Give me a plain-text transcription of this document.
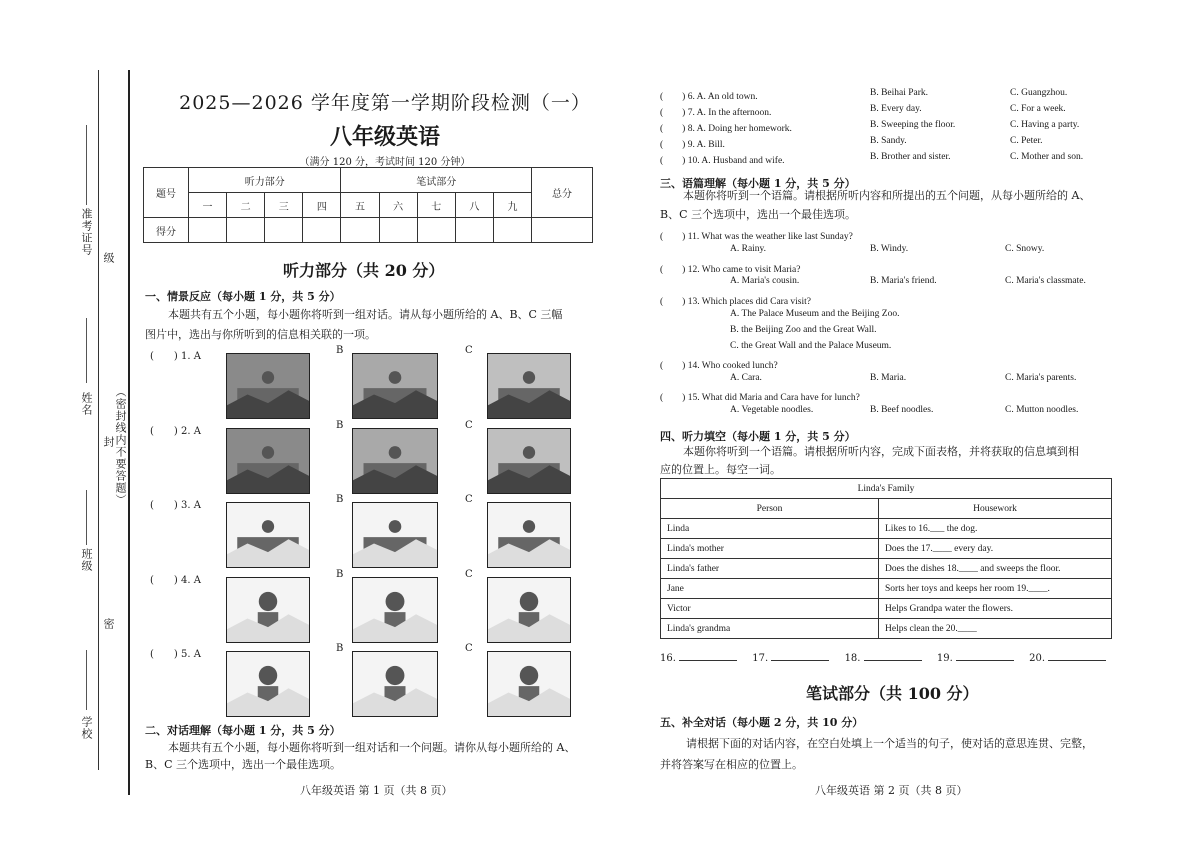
准考证号
级
姓名
封 （密封线内不要答题）
班级
密
学校
2025—2026 学年度第一学期阶段检测（一）
八年级英语
（满分 120 分，考试时间 120 分钟）
题号	听力部分				笔试部分					总分
	一	二	三	四	五	六	七	八	九	
得分										
听力部分（共 20 分）
一、情景反应（每小题 1 分，共 5 分）
本题共有五个小题，每小题你将听到一组对话。请从每小题所给的 A、B、C 三幅
图片中，选出与你所听到的信息相关联的一项。
(　　) 1. A
B	C
(　　) 2. A
B	C
(　　) 3. A
B	C
(　　) 4. A
B	C
(　　) 5. A
B	C
二、对话理解（每小题 1 分，共 5 分）
本题共有五个小题，每小题你将听到一组对话和一个问题。请你从每小题所给的 A、
B、C 三个选项中，选出一个最佳选项。
八年级英语 第 1 页（共 8 页）
(　　) 6. A. An old town.	B. Beihai Park.	C. Guangzhou.
(　　) 7. A. In the afternoon.	B. Every day.	C. For a week.
(　　) 8. A. Doing her homework.	B. Sweeping the floor.	C. Having a party.
(　　) 9. A. Bill.	B. Sandy.	C. Peter.
(　　) 10. A. Husband and wife.	B. Brother and sister.	C. Mother and son.
三、语篇理解（每小题 1 分，共 5 分）
本题你将听到一个语篇。请根据所听内容和所提出的五个问题，从每小题所给的 A、
B、C 三个选项中，选出一个最佳选项。
(　　) 11. What was the weather like last Sunday?
A. Rainy.	B. Windy.	C. Snowy.
(　　) 12. Who came to visit Maria?
A. Maria's cousin.	B. Maria's friend.	C. Maria's classmate.
(　　) 13. Which places did Cara visit?
A. The Palace Museum and the Beijing Zoo.
B. the Beijing Zoo and the Great Wall.
C. the Great Wall and the Palace Museum.
(　　) 14. Who cooked lunch?
A. Cara.	B. Maria.	C. Maria's parents.
(　　) 15. What did Maria and Cara have for lunch?
A. Vegetable noodles.	B. Beef noodles.	C. Mutton noodles.
四、听力填空（每小题 1 分，共 5 分）
本题你将听到一个语篇。请根据所听内容，完成下面表格，并将获取的信息填到相
应的位置上。每空一词。
Linda's Family	
Person	Housework
Linda	Likes to 16.___ the dog.
Linda's mother	Does the 17.____ every day.
Linda's father	Does the dishes 18.____ and sweeps the floor.
Jane	Sorts her toys and keeps her room 19.____.
Victor	Helps Grandpa water the flowers.
Linda's grandma	Helps clean the 20.____
16.	17.	18.	19.	20.
笔试部分（共 100 分）
五、补全对话（每小题 2 分，共 10 分）
请根据下面的对话内容，在空白处填上一个适当的句子，使对话的意思连贯、完整，
并将答案写在相应的位置上。
八年级英语 第 2 页（共 8 页）
